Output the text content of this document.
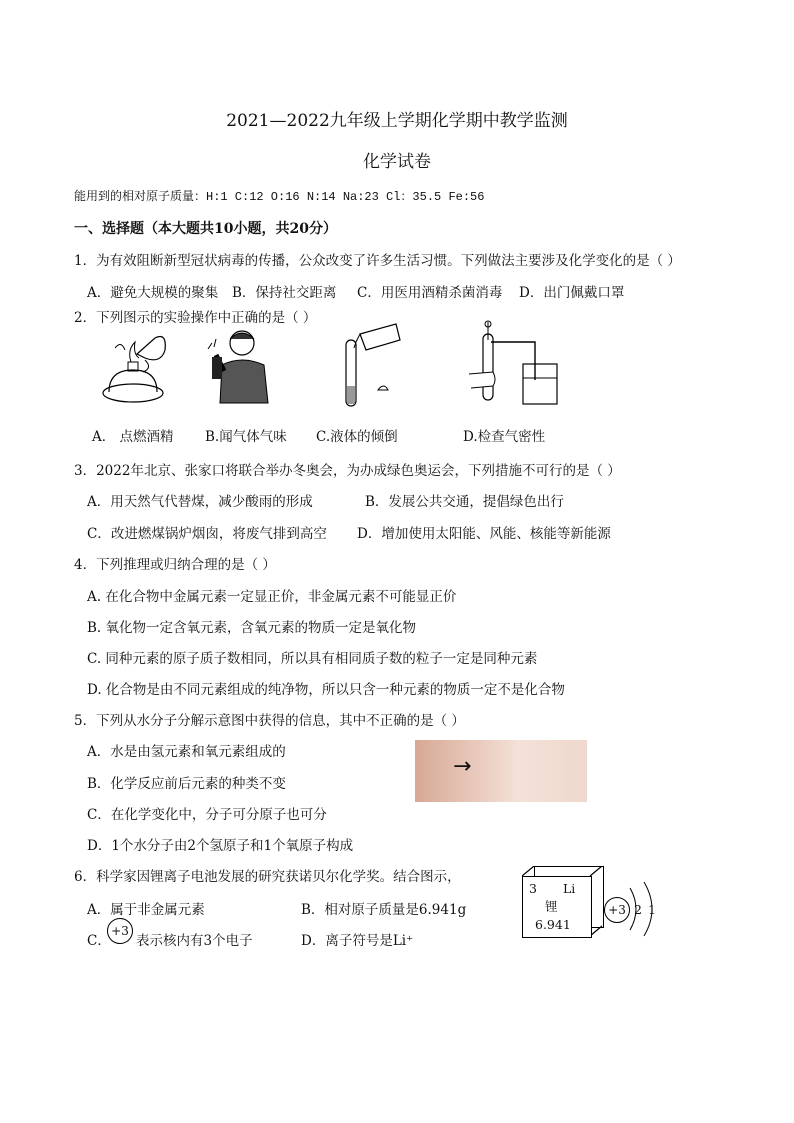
2021—2022九年级上学期化学期中教学监测
化学试卷
能用到的相对原子质量：H:1 C:12 O:16 N:14 Na:23 Cl：35.5 Fe:56
一、选择题（本大题共10小题，共20分）
1．为有效阻断新型冠状病毒的传播，公众改变了许多生活习惯。下列做法主要涉及化学变化的是（ ）
A．避免大规模的聚集 B．保持社交距离 C．用医用酒精杀菌消毒 D．出门佩戴口罩
2．下列图示的实验操作中正确的是（ ）
A． 点燃酒精 B.闻气体气味 C.液体的倾倒	D.检查气密性
3．2022年北京、张家口将联合举办冬奥会，为办成绿色奥运会，下列措施不可行的是（ ）
A．用天然气代替煤，减少酸雨的形成	B．发展公共交通，提倡绿色出行
C．改进燃煤锅炉烟囱，将废气排到高空 D．增加使用太阳能、风能、核能等新能源
4．下列推理或归纳合理的是（ ）
A. 在化合物中金属元素一定显正价，非金属元素不可能显正价
B. 氧化物一定含氧元素，含氧元素的物质一定是氧化物
C. 同种元素的原子质子数相同，所以具有相同质子数的粒子一定是同种元素
D. 化合物是由不同元素组成的纯净物，所以只含一种元素的物质一定不是化合物
5．下列从水分子分解示意图中获得的信息，其中不正确的是（ ）
A．水是由氢元素和氧元素组成的
B．化学反应前后元素的种类不变
C．在化学变化中，分子可分原子也可分
D．1个水分子由2个氢原子和1个氧原子构成
→
6．科学家因锂离子电池发展的研究获诺贝尔化学奖。结合图示，
A．属于非金属元素	B．相对原子质量是6.941g
C．
+3
表示核内有3个电子	D．离子符号是Li⁺
3 Li
锂
6.941
+3 2 1
